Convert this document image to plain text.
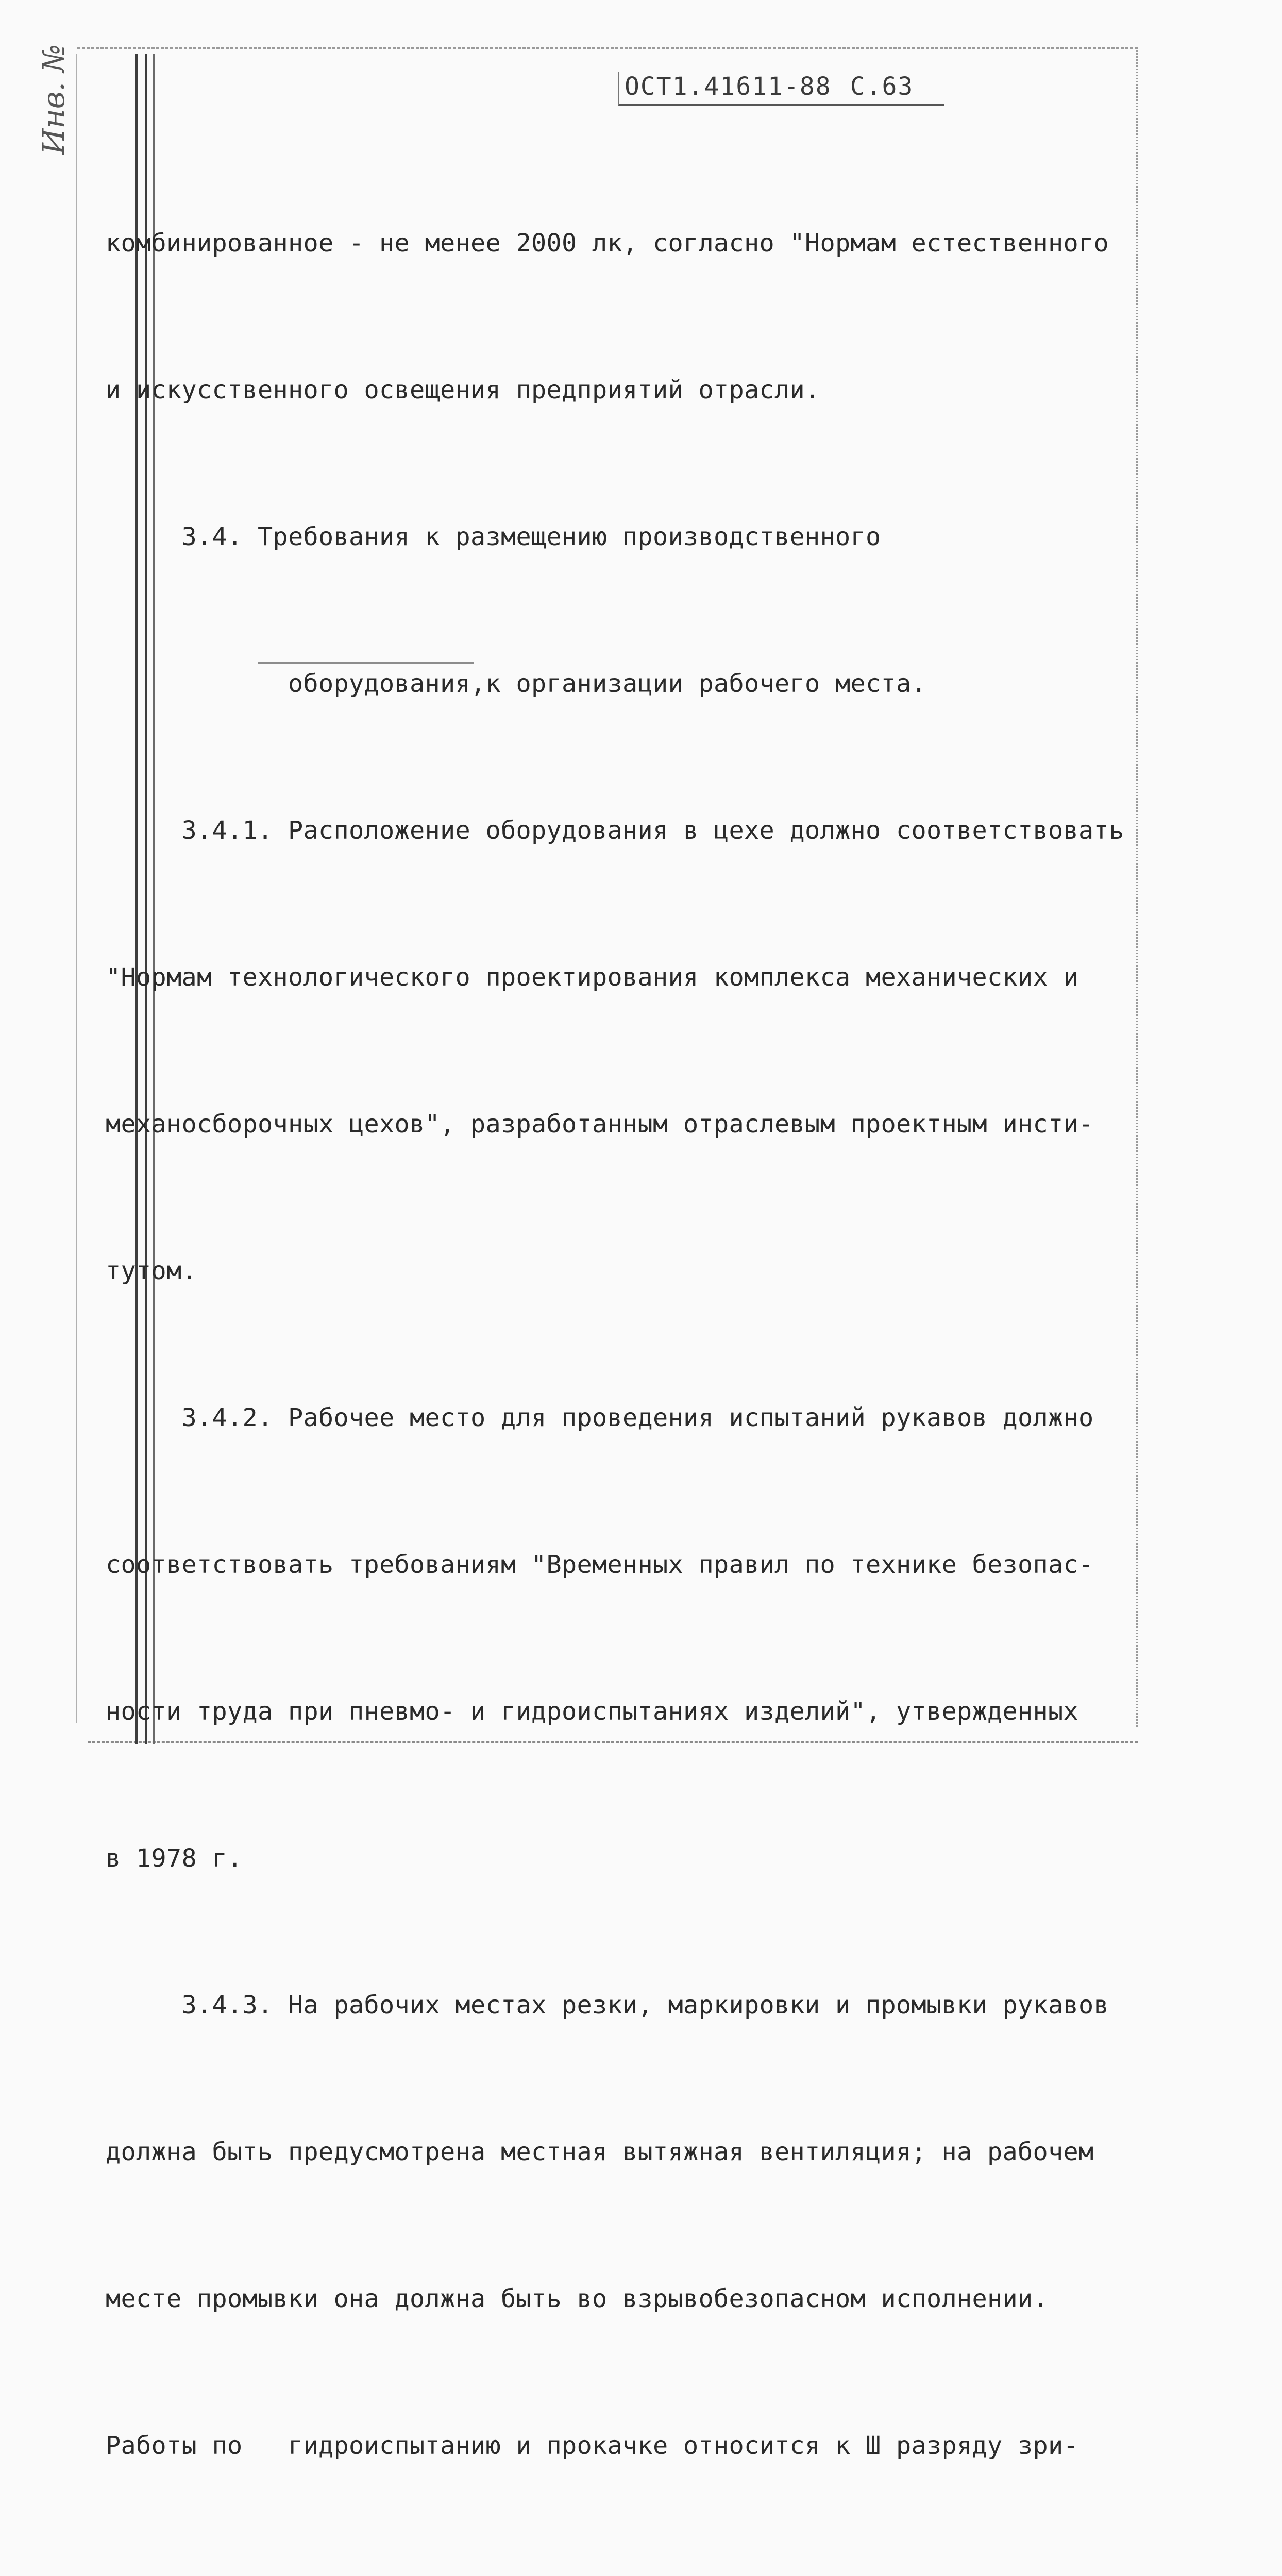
Инв. №	ОСТ1.41611-88 С.63

комбинированное - не менее 2000 лк, согласно "Нормам естественного

и искусственного освещения предприятий отрасли.

3.4. Требования к размещению производственного

оборудования,к организации рабочего места.

3.4.1. Расположение оборудования в цехе должно соответствовать

"Нормам технологического проектирования комплекса механических и

механосборочных цехов", разработанным отраслевым проектным инсти-

тутом.

3.4.2. Рабочее место для проведения испытаний рукавов должно

соответствовать требованиям "Временных правил по технике безопас-

ности труда при пневмо- и гидроиспытаниях изделий", утвержденных

в 1978 г.

3.4.3. На рабочих местах резки, маркировки и промывки рукавов

должна быть предусмотрена местная вытяжная вентиляция; на рабочем

месте промывки она должна быть во взрывобезопасном исполнении.

Работы по   гидроиспытанию и прокачке относится к Ш разряду зри-
